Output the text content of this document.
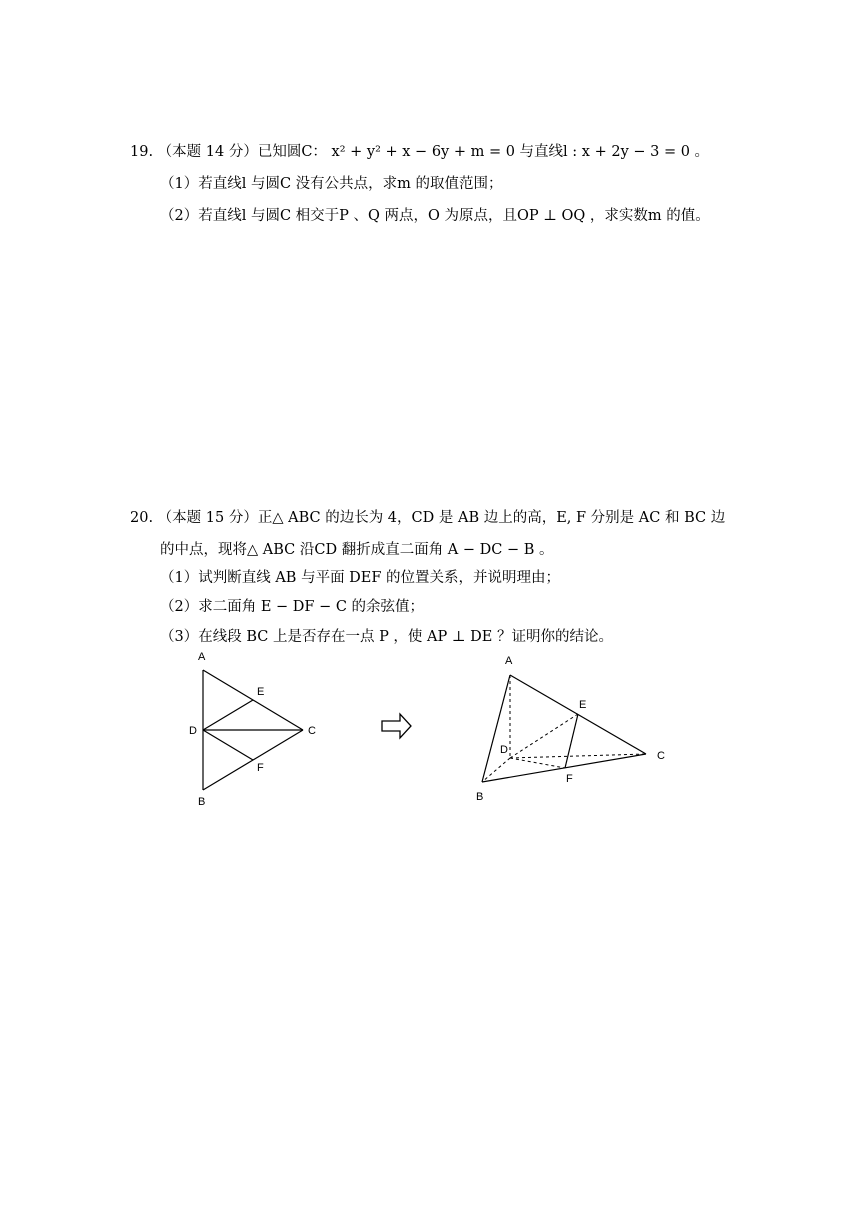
19. （本题 14 分）已知圆C： x² + y² + x − 6y + m = 0 与直线l : x + 2y − 3 = 0 。
（1）若直线l 与圆C 没有公共点，求m 的取值范围；
（2）若直线l 与圆C 相交于P 、Q 两点，O 为原点，且OP ⊥ OQ ，求实数m 的值。
20. （本题 15 分）正△ ABC 的边长为 4，CD 是 AB 边上的高，E, F 分别是 AC 和 BC 边
的中点，现将△ ABC 沿CD 翻折成直二面角 A − DC − B 。
（1）试判断直线 AB 与平面 DEF 的位置关系，并说明理由；
（2）求二面角 E − DF − C 的余弦值；
（3）在线段 BC 上是否存在一点 P ，使 AP ⊥ DE ？证明你的结论。
A
B
C
D
E
F
A
B
C
D
E
F
